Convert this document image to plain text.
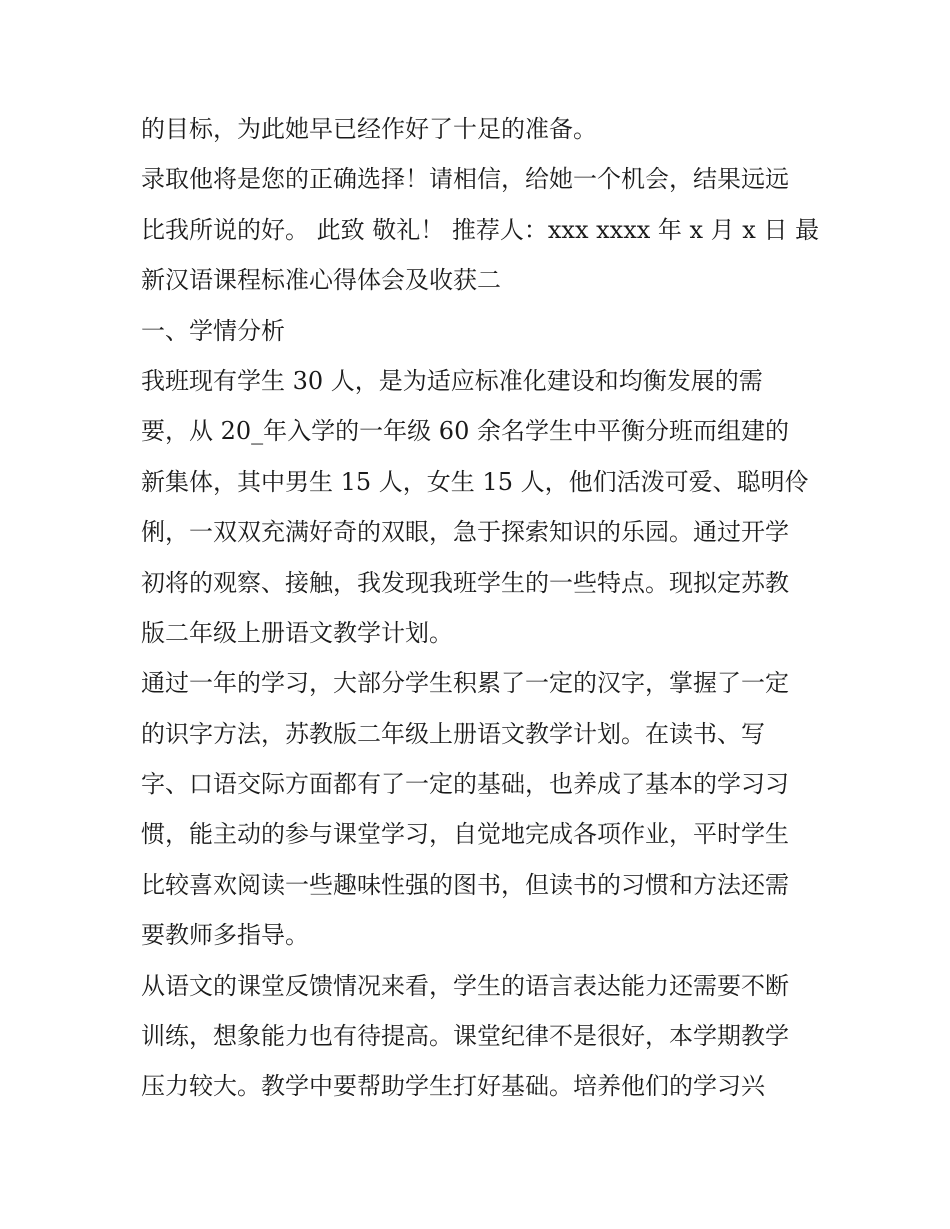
的目标，为此她早已经作好了十足的准备。
录取他将是您的正确选择！请相信，给她一个机会，结果远远
比我所说的好。 此致 敬礼！ 推荐人：xxx xxxx 年 x 月 x 日 最
新汉语课程标准心得体会及收获二
一、学情分析
我班现有学生 30 人，是为适应标准化建设和均衡发展的需
要，从 20_年入学的一年级 60 余名学生中平衡分班而组建的
新集体，其中男生 15 人，女生 15 人，他们活泼可爱、聪明伶
俐，一双双充满好奇的双眼，急于探索知识的乐园。通过开学
初将的观察、接触，我发现我班学生的一些特点。现拟定苏教
版二年级上册语文教学计划。
通过一年的学习，大部分学生积累了一定的汉字，掌握了一定
的识字方法，苏教版二年级上册语文教学计划。在读书、写
字、口语交际方面都有了一定的基础，也养成了基本的学习习
惯，能主动的参与课堂学习，自觉地完成各项作业，平时学生
比较喜欢阅读一些趣味性强的图书，但读书的习惯和方法还需
要教师多指导。
从语文的课堂反馈情况来看，学生的语言表达能力还需要不断
训练，想象能力也有待提高。课堂纪律不是很好，本学期教学
压力较大。教学中要帮助学生打好基础。培养他们的学习兴
